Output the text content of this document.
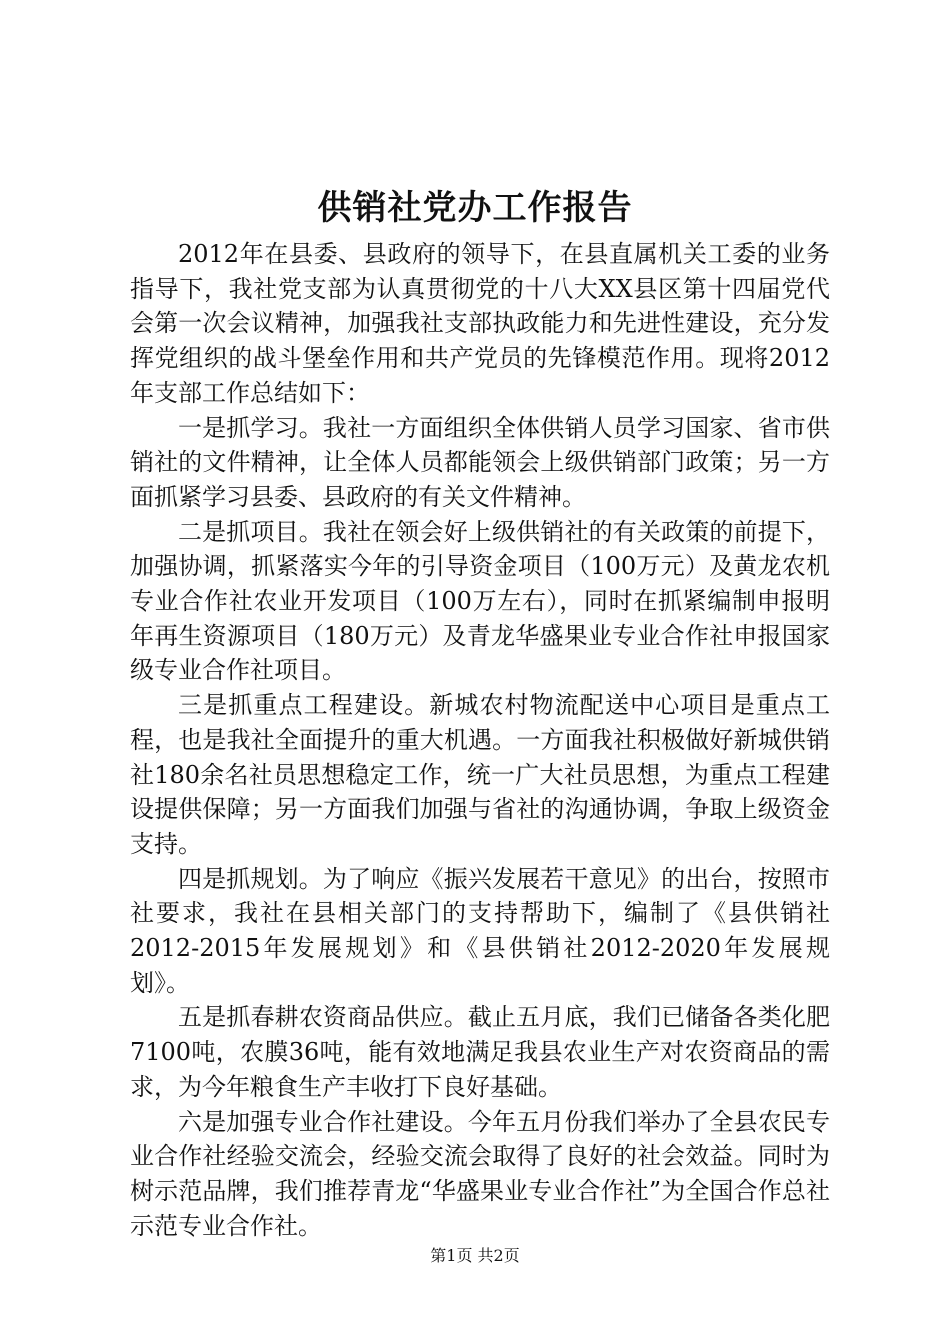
供销社党办工作报告

2012年在县委、县政府的领导下，在县直属机关工委的业务指导下，我社党支部为认真贯彻党的十八大XX县区第十四届党代会第一次会议精神，加强我社支部执政能力和先进性建设，充分发挥党组织的战斗堡垒作用和共产党员的先锋模范作用。现将2012年支部工作总结如下：

一是抓学习。我社一方面组织全体供销人员学习国家、省市供销社的文件精神，让全体人员都能领会上级供销部门政策；另一方面抓紧学习县委、县政府的有关文件精神。

二是抓项目。我社在领会好上级供销社的有关政策的前提下，加强协调，抓紧落实今年的引导资金项目（100万元）及黄龙农机专业合作社农业开发项目（100万左右），同时在抓紧编制申报明年再生资源项目（180万元）及青龙华盛果业专业合作社申报国家级专业合作社项目。

三是抓重点工程建设。新城农村物流配送中心项目是重点工程，也是我社全面提升的重大机遇。一方面我社积极做好新城供销社180余名社员思想稳定工作，统一广大社员思想，为重点工程建设提供保障；另一方面我们加强与省社的沟通协调，争取上级资金支持。

四是抓规划。为了响应《振兴发展若干意见》的出台，按照市社要求，我社在县相关部门的支持帮助下，编制了《县供销社2012-2015年发展规划》和《县供销社2012-2020年发展规划》。

五是抓春耕农资商品供应。截止五月底，我们已储备各类化肥7100吨，农膜36吨，能有效地满足我县农业生产对农资商品的需求，为今年粮食生产丰收打下良好基础。

六是加强专业合作社建设。今年五月份我们举办了全县农民专业合作社经验交流会，经验交流会取得了良好的社会效益。同时为树示范品牌，我们推荐青龙“华盛果业专业合作社”为全国合作总社示范专业合作社。

第1页 共2页
